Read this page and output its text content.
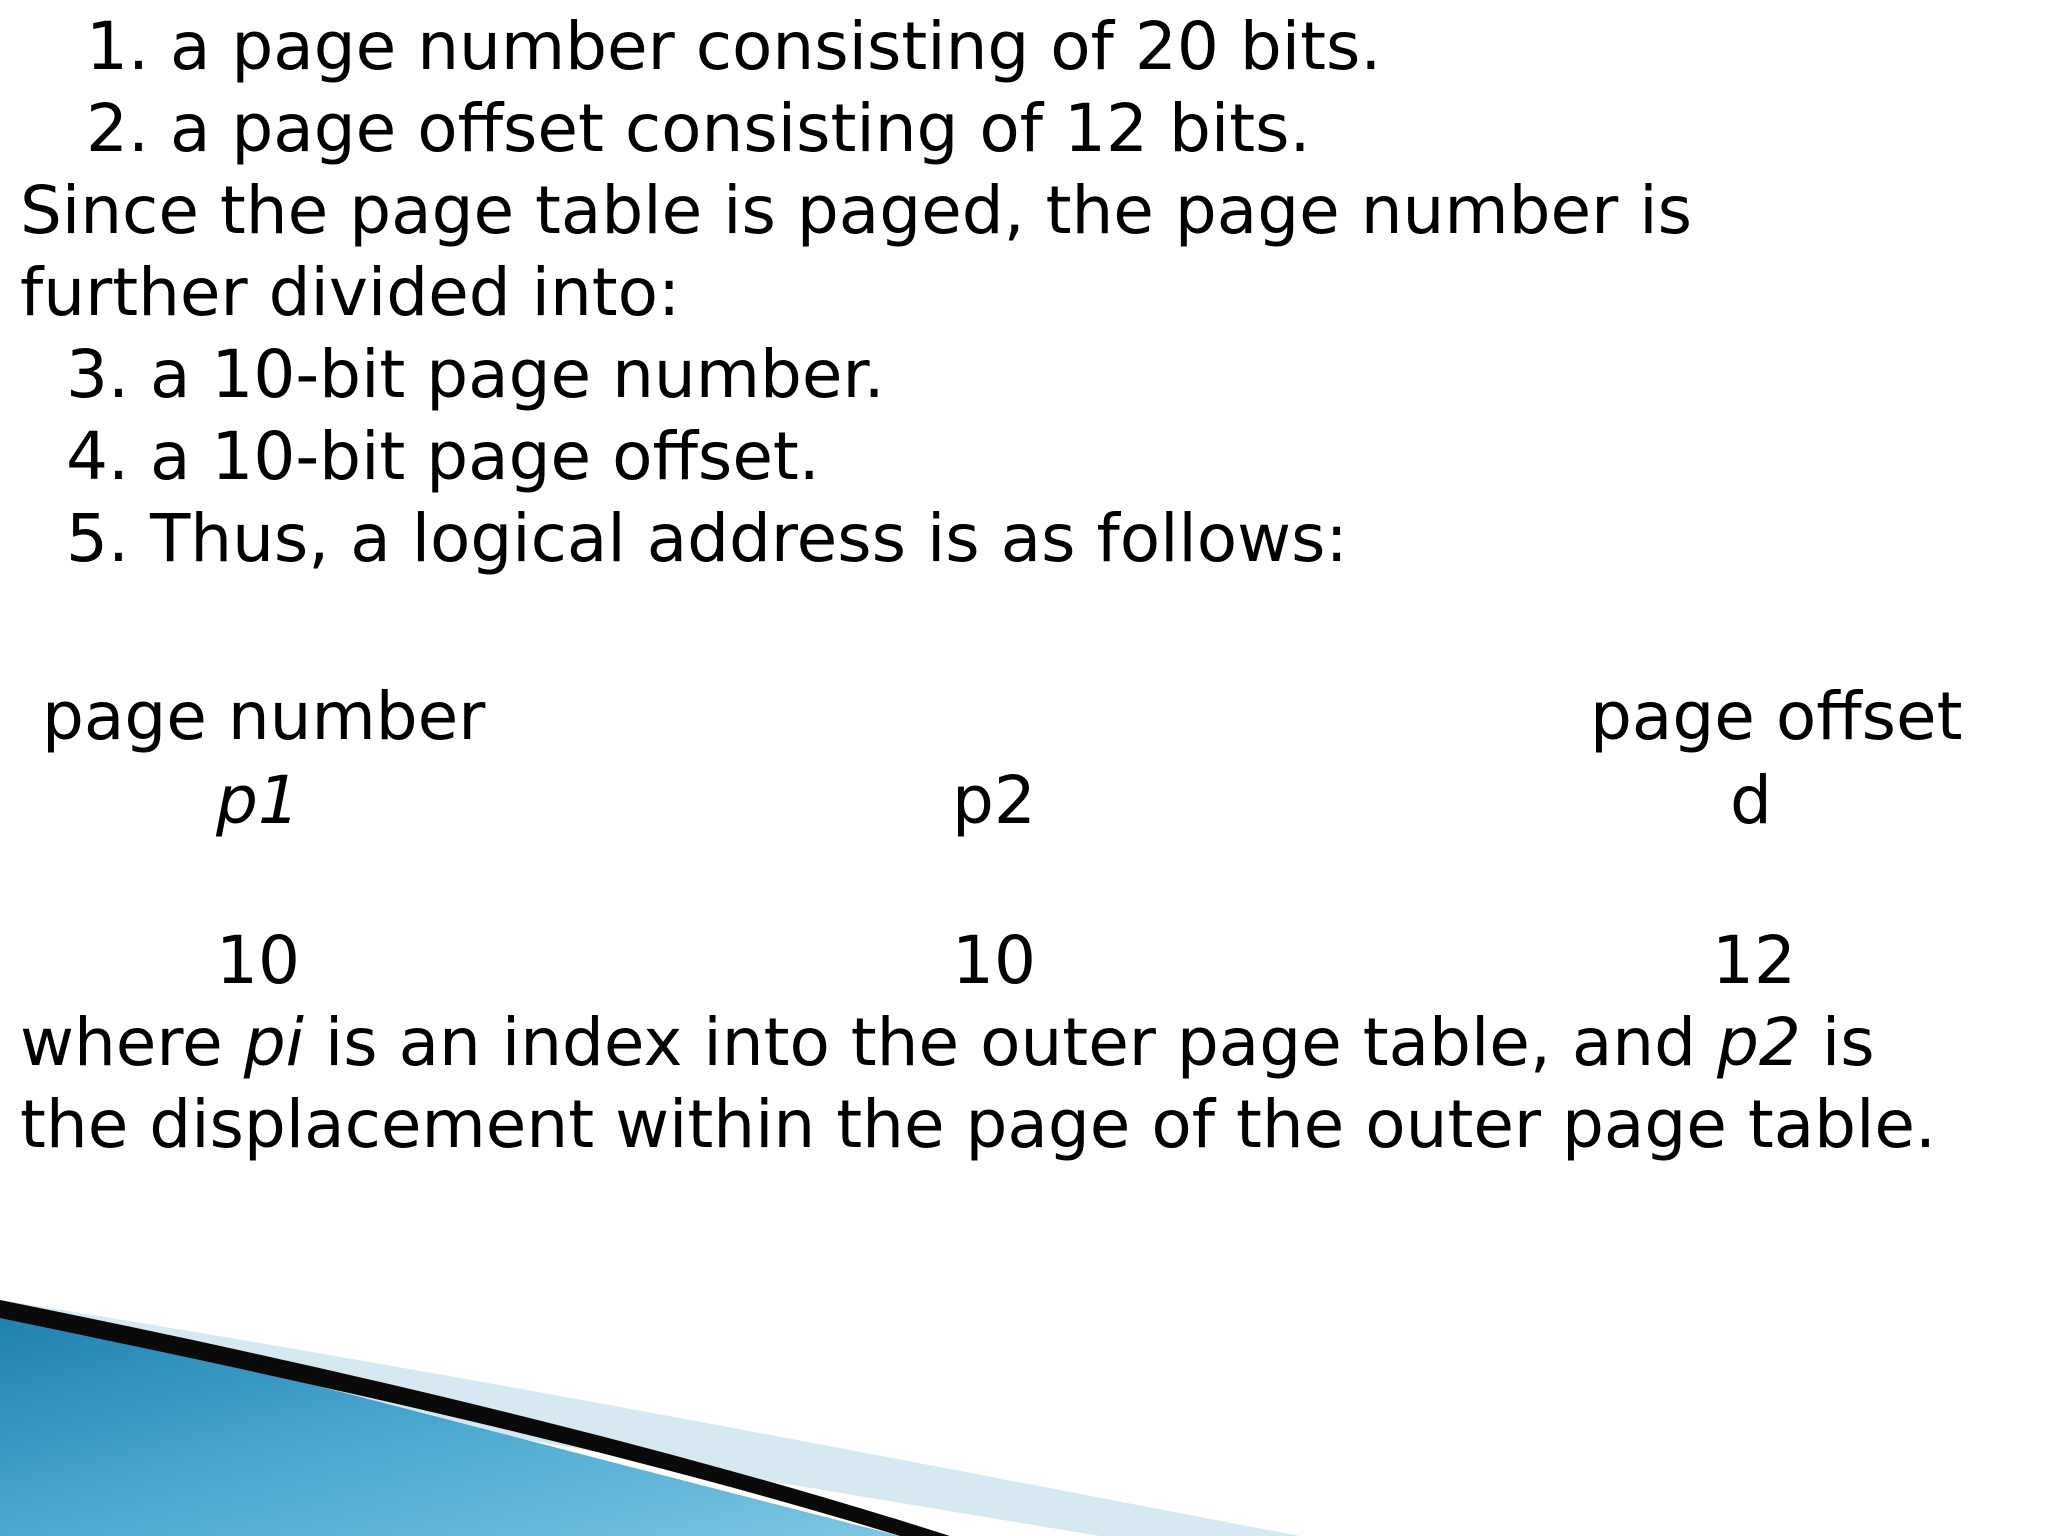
1. a page number consisting of 20 bits.
2. a page offset consisting of 12 bits.
Since the page table is paged, the page number is
further divided into:
3. a 10-bit page number.
4. a 10-bit page offset.
5. Thus, a logical address is as follows:
page number	page offset
p1	p2	d
10	10	12
where pi is an index into the outer page table, and p2 is
the displacement within the page of the outer page table.
